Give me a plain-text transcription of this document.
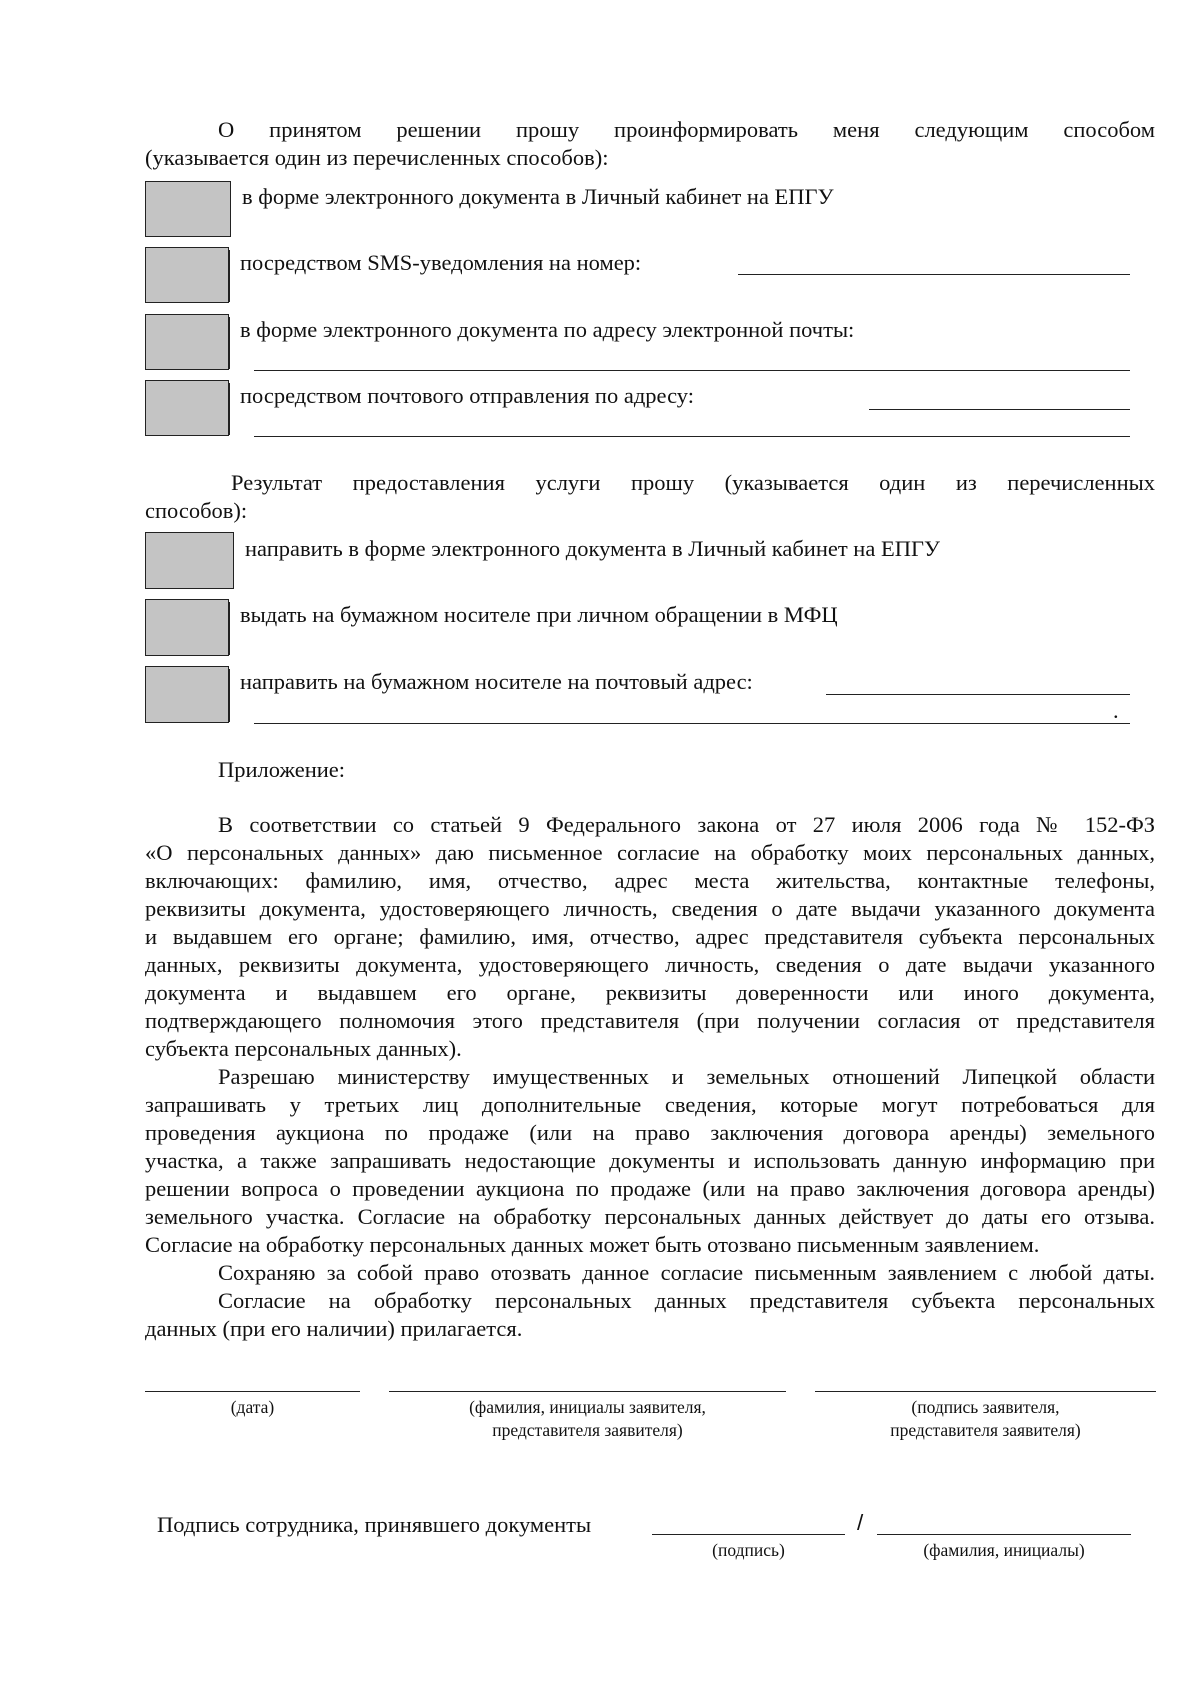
О принятом решении прошу проинформировать меня следующим способом
(указывается один из перечисленных способов):
в форме электронного документа в Личный кабинет на ЕПГУ
посредством SMS-уведомления на номер:
в форме электронного документа по адресу электронной почты:
посредством почтового отправления по адресу:
Результат предоставления услуги прошу (указывается один из перечисленных
способов):
направить в форме электронного документа в Личный кабинет на ЕПГУ
выдать на бумажном носителе при личном обращении в МФЦ
направить на бумажном носителе на почтовый адрес:
.
Приложение:
В соответствии со статьей 9 Федерального закона от 27 июля 2006 года № 152-ФЗ
«О персональных данных» даю письменное согласие на обработку моих персональных данных,
включающих: фамилию, имя, отчество, адрес места жительства, контактные телефоны,
реквизиты документа, удостоверяющего личность, сведения о дате выдачи указанного документа
и выдавшем его органе; фамилию, имя, отчество, адрес представителя субъекта персональных
данных, реквизиты документа, удостоверяющего личность, сведения о дате выдачи указанного
документа и выдавшем его органе, реквизиты доверенности или иного документа,
подтверждающего полномочия этого представителя (при получении согласия от представителя
субъекта персональных данных).
Разрешаю министерству имущественных и земельных отношений Липецкой области
запрашивать у третьих лиц дополнительные сведения, которые могут потребоваться для
проведения аукциона по продаже (или на право заключения договора аренды) земельного
участка, а также запрашивать недостающие документы и использовать данную информацию при
решении вопроса о проведении аукциона по продаже (или на право заключения договора аренды)
земельного участка. Согласие на обработку персональных данных действует до даты его отзыва.
Согласие на обработку персональных данных может быть отозвано письменным заявлением.
Сохраняю за собой право отозвать данное согласие письменным заявлением с любой даты.
Согласие на обработку персональных данных представителя субъекта персональных
данных (при его наличии) прилагается.
(дата)	(фамилия, инициалы заявителя,
представителя заявителя)
(подпись заявителя,
представителя заявителя)
Подпись сотрудника, принявшего документы	/
(подпись)	(фамилия, инициалы)
